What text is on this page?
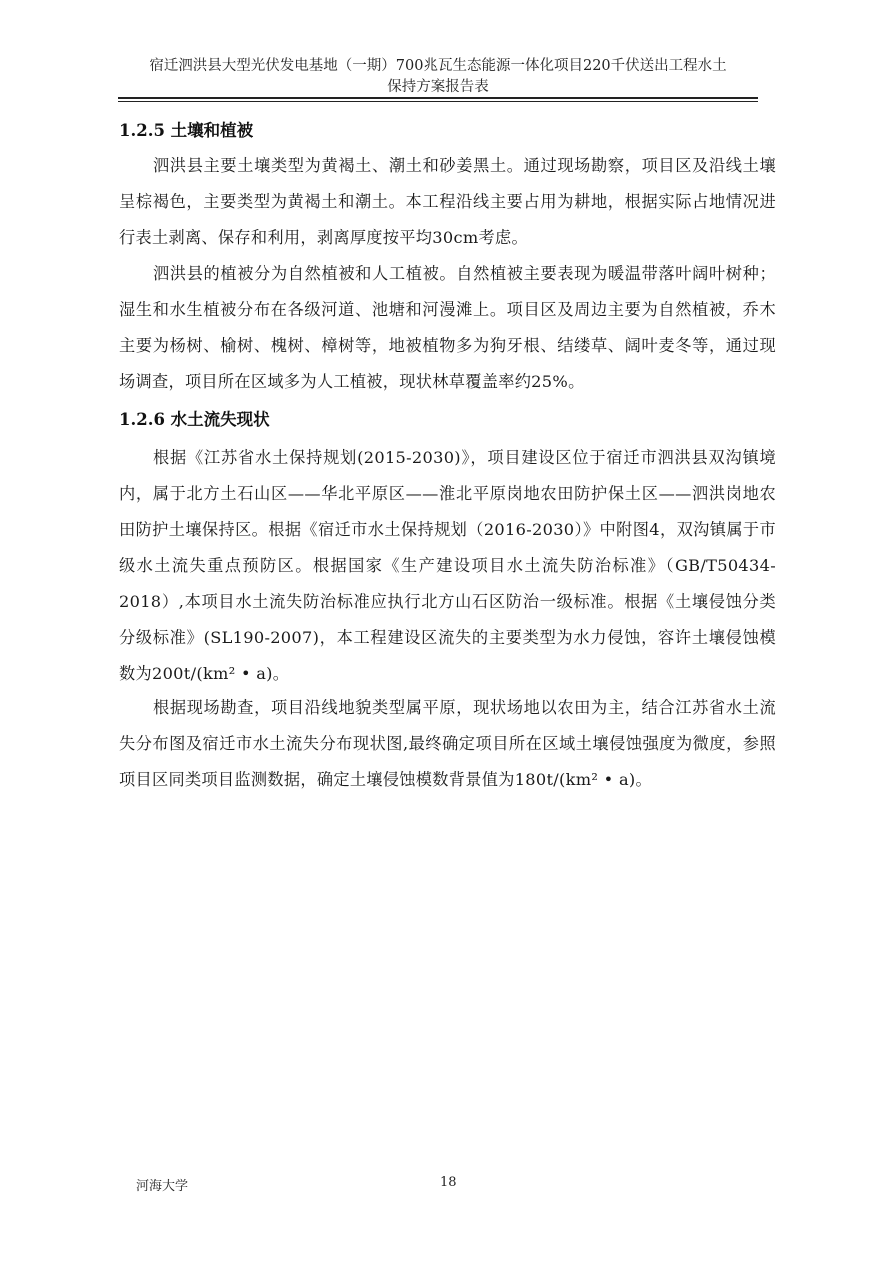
宿迁泗洪县大型光伏发电基地（一期）700兆瓦生态能源一体化项目220千伏送出工程水土
保持方案报告表
1.2.5 土壤和植被

泗洪县主要土壤类型为黄褐土、潮土和砂姜黑土。通过现场勘察，项目区及沿线土壤呈棕褐色，主要类型为黄褐土和潮土。本工程沿线主要占用为耕地，根据实际占地情况进行表土剥离、保存和利用，剥离厚度按平均30cm考虑。

泗洪县的植被分为自然植被和人工植被。自然植被主要表现为暖温带落叶阔叶树种；湿生和水生植被分布在各级河道、池塘和河漫滩上。项目区及周边主要为自然植被，乔木主要为杨树、榆树、槐树、樟树等，地被植物多为狗牙根、结缕草、阔叶麦冬等，通过现场调查，项目所在区域多为人工植被，现状林草覆盖率约25%。

1.2.6 水土流失现状

根据《江苏省水土保持规划(2015-2030)》，项目建设区位于宿迁市泗洪县双沟镇境内，属于北方土石山区——华北平原区——淮北平原岗地农田防护保土区——泗洪岗地农田防护土壤保持区。根据《宿迁市水土保持规划（2016-2030）》中附图4，双沟镇属于市级水土流失重点预防区。根据国家《生产建设项目水土流失防治标准》（GB/T50434-2018）,本项目水土流失防治标准应执行北方山石区防治一级标准。根据《土壤侵蚀分类分级标准》(SL190-2007)，本工程建设区流失的主要类型为水力侵蚀，容许土壤侵蚀模数为200t/(km² • a)。

根据现场勘查，项目沿线地貌类型属平原，现状场地以农田为主，结合江苏省水土流失分布图及宿迁市水土流失分布现状图,最终确定项目所在区域土壤侵蚀强度为微度，参照项目区同类项目监测数据，确定土壤侵蚀模数背景值为180t/(km² • a)。

河海大学	18
